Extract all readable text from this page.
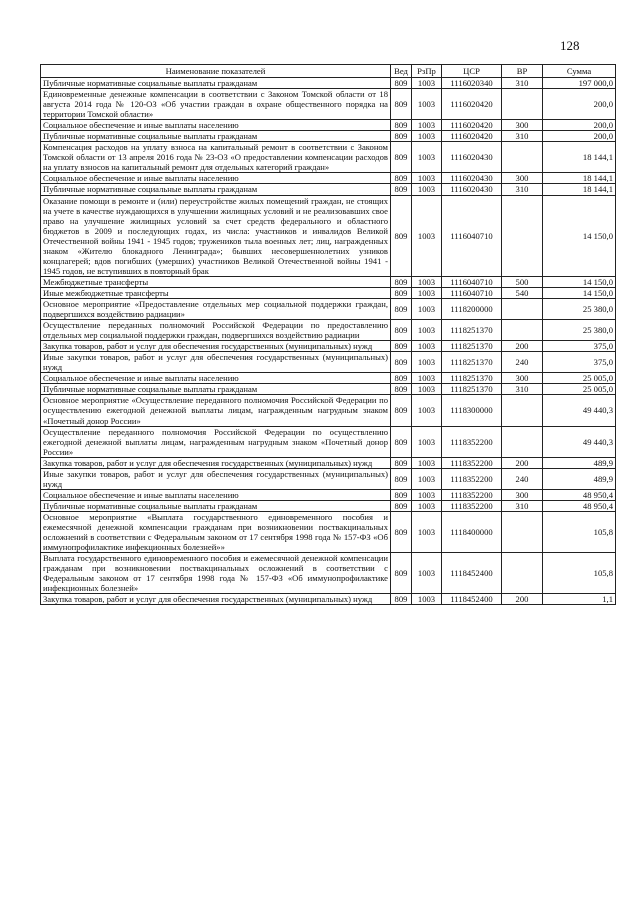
128
Наименование показателей	Вед	РзПр	ЦСР	ВР	Сумма
Публичные нормативные социальные выплаты гражданам	809	1003	1116020340	310	197 000,0
Единовременные денежные компенсации в соответствии с Законом Томской области от 18 августа 2014 года № 120-ОЗ «Об участии граждан в охране общественного порядка на территории Томской области»	809	1003	1116020420		200,0
Социальное обеспечение и иные выплаты населению	809	1003	1116020420	300	200,0
Публичные нормативные социальные выплаты гражданам	809	1003	1116020420	310	200,0
Компенсация расходов на уплату взноса на капитальный ремонт в соответствии с Законом Томской области от 13 апреля 2016 года № 23-ОЗ «О предоставлении компенсации расходов на уплату взносов на капитальный ремонт для отдельных категорий граждан»	809	1003	1116020430		18 144,1
Социальное обеспечение и иные выплаты населению	809	1003	1116020430	300	18 144,1
Публичные нормативные социальные выплаты гражданам	809	1003	1116020430	310	18 144,1
Оказание помощи в ремонте и (или) переустройстве жилых помещений граждан, не стоящих на учете в качестве нуждающихся в улучшении жилищных условий и не реализовавших свое право на улучшение жилищных условий за счет средств федерального и областного бюджетов в 2009 и последующих годах, из числа: участников и инвалидов Великой Отечественной войны 1941 - 1945 годов; тружеников тыла военных лет; лиц, награжденных знаком «Жителю блокадного Ленинграда»; бывших несовершеннолетних узников концлагерей; вдов погибших (умерших) участников Великой Отечественной войны 1941 - 1945 годов, не вступивших в повторный брак	809	1003	1116040710		14 150,0
Межбюджетные трансферты	809	1003	1116040710	500	14 150,0
Иные межбюджетные трансферты	809	1003	1116040710	540	14 150,0
Основное мероприятие «Предоставление отдельных мер социальной поддержки граждан, подвергшихся воздействию радиации»	809	1003	1118200000		25 380,0
Осуществление переданных полномочий Российской Федерации по предоставлению отдельных мер социальной поддержки граждан, подвергшихся воздействию радиации	809	1003	1118251370		25 380,0
Закупка товаров, работ и услуг для обеспечения государственных (муниципальных) нужд	809	1003	1118251370	200	375,0
Иные закупки товаров, работ и услуг для обеспечения государственных (муниципальных) нужд	809	1003	1118251370	240	375,0
Социальное обеспечение и иные выплаты населению	809	1003	1118251370	300	25 005,0
Публичные нормативные социальные выплаты гражданам	809	1003	1118251370	310	25 005,0
Основное мероприятие «Осуществление переданного полномочия Российской Федерации по осуществлению ежегодной денежной выплаты лицам, награжденным нагрудным знаком «Почетный донор России»	809	1003	1118300000		49 440,3
Осуществление переданного полномочия Российской Федерации по осуществлению ежегодной денежной выплаты лицам, награжденным нагрудным знаком «Почетный донор России»	809	1003	1118352200		49 440,3
Закупка товаров, работ и услуг для обеспечения государственных (муниципальных) нужд	809	1003	1118352200	200	489,9
Иные закупки товаров, работ и услуг для обеспечения государственных (муниципальных) нужд	809	1003	1118352200	240	489,9
Социальное обеспечение и иные выплаты населению	809	1003	1118352200	300	48 950,4
Публичные нормативные социальные выплаты гражданам	809	1003	1118352200	310	48 950,4
Основное мероприятие «Выплата государственного единовременного пособия и ежемесячной денежной компенсации гражданам при возникновении поствакцинальных осложнений в соответствии с Федеральным законом от 17 сентября 1998 года № 157-ФЗ «Об иммунопрофилактике инфекционных болезней»»	809	1003	1118400000		105,8
Выплата государственного единовременного пособия и ежемесячной денежной компенсации гражданам при возникновении поствакцинальных осложнений в соответствии с Федеральным законом от 17 сентября 1998 года № 157-ФЗ «Об иммунопрофилактике инфекционных болезней»	809	1003	1118452400		105,8
Закупка товаров, работ и услуг для обеспечения государственных (муниципальных) нужд	809	1003	1118452400	200	1,1
